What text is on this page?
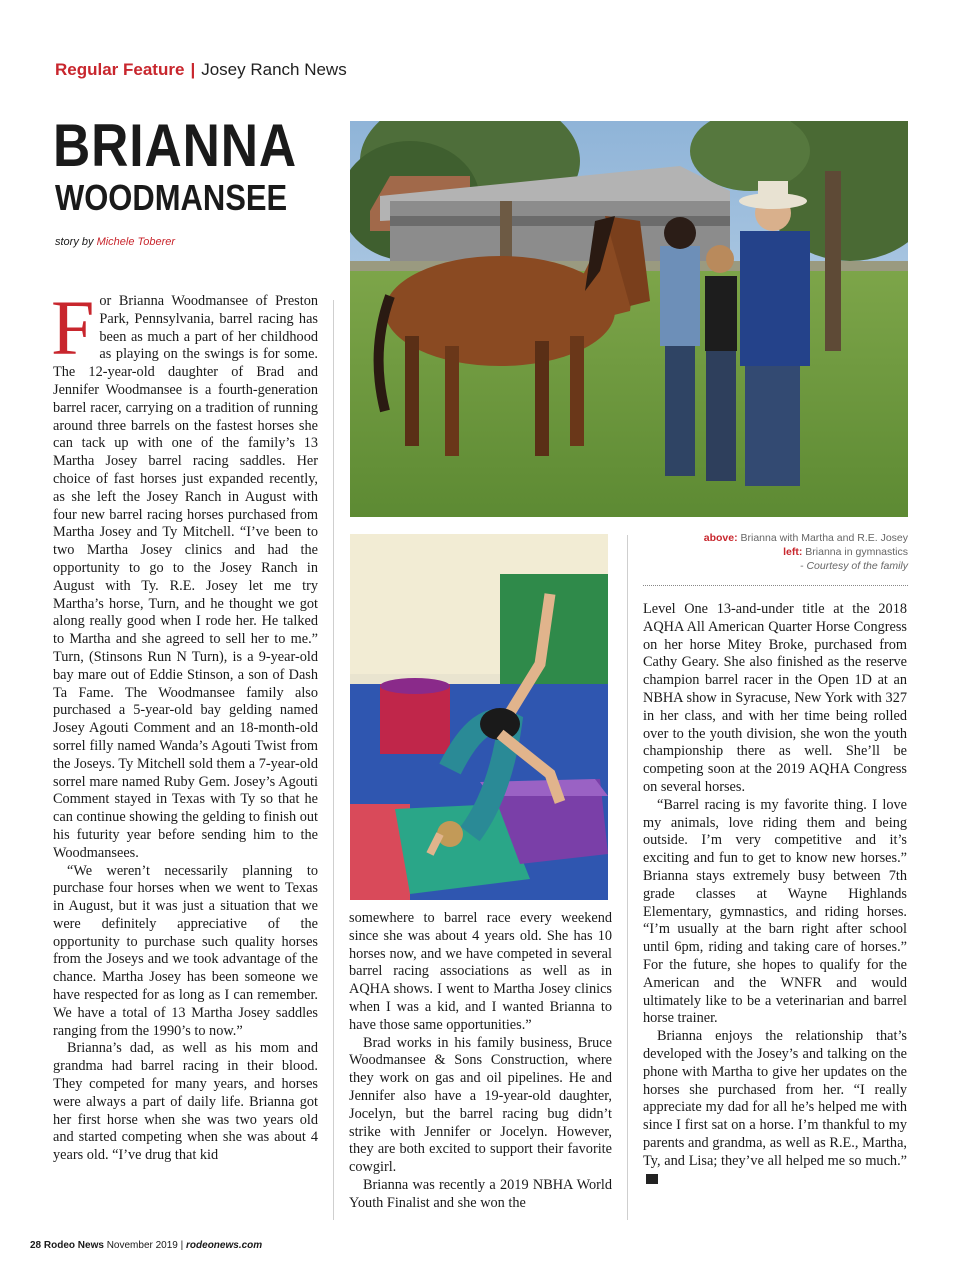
Regular Feature | Josey Ranch News
BRIANNA
WOODMANSEE
story by Michele Toberer
above: Brianna with Martha and R.E. Josey
left: Brianna in gymnastics
- Courtesy of the family

For Brianna Woodmansee of Preston Park, Pennsylvania, barrel racing has been as much a part of her childhood as playing on the swings is for some. The 12-year-old daughter of Brad and Jennifer Woodmansee is a fourth-generation barrel racer, carrying on a tradition of running around three barrels on the fastest horses she can tack up with one of the family’s 13 Martha Josey barrel racing saddles. Her choice of fast horses just expanded recently, as she left the Josey Ranch in August with four new barrel racing horses purchased from Martha Josey and Ty Mitchell. “I’ve been to two Martha Josey clinics and had the opportunity to go to the Josey Ranch in August with Ty. R.E. Josey let me try Martha’s horse, Turn, and he thought we got along really good when I rode her. He talked to Martha and she agreed to sell her to me.” Turn, (Stinsons Run N Turn), is a 9-year-old bay mare out of Eddie Stinson, a son of Dash Ta Fame. The Woodmansee family also purchased a 5-year-old bay gelding named Josey Agouti Comment and an 18-month-old sorrel filly named Wanda’s Agouti Twist from the Joseys. Ty Mitchell sold them a 7-year-old sorrel mare named Ruby Gem. Josey’s Agouti Comment stayed in Texas with Ty so that he can continue showing the gelding to finish out his futurity year before sending him to the Woodmansees.

“We weren’t necessarily planning to purchase four horses when we went to Texas in August, but it was just a situation that we were definitely appreciative of the opportunity to purchase such quality horses from the Joseys and we took advantage of the chance. Martha Josey has been someone we have respected for as long as I can remember. We have a total of 13 Martha Josey saddles ranging from the 1990’s to now.”

Brianna’s dad, as well as his mom and grandma had barrel racing in their blood. They competed for many years, and horses were always a part of daily life. Brianna got her first horse when she was two years old and started competing when she was about 4 years old. “I’ve drug that kid

somewhere to barrel race every weekend since she was about 4 years old. She has 10 horses now, and we have competed in several barrel racing associations as well as in AQHA shows. I went to Martha Josey clinics when I was a kid, and I wanted Brianna to have those same opportunities.”

Brad works in his family business, Bruce Woodmansee & Sons Construction, where they work on gas and oil pipelines. He and Jennifer also have a 19-year-old daughter, Jocelyn, but the barrel racing bug didn’t strike with Jennifer or Jocelyn. However, they are both excited to support their favorite cowgirl.

Brianna was recently a 2019 NBHA World Youth Finalist and she won the

Level One 13-and-under title at the 2018 AQHA All American Quarter Horse Congress on her horse Mitey Broke, purchased from Cathy Geary. She also finished as the reserve champion barrel racer in the Open 1D at an NBHA show in Syracuse, New York with 327 in her class, and with her time being rolled over to the youth division, she won the youth championship there as well. She’ll be competing soon at the 2019 AQHA Congress on several horses.

“Barrel racing is my favorite thing. I love my animals, love riding them and being outside. I’m very competitive and it’s exciting and fun to get to know new horses.” Brianna stays extremely busy between 7th grade classes at Wayne Highlands Elementary, gymnastics, and riding horses. “I’m usually at the barn right after school until 6pm, riding and taking care of horses.” For the future, she hopes to qualify for the American and the WNFR and would ultimately like to be a veterinarian and barrel horse trainer.

Brianna enjoys the relationship that’s developed with the Josey’s and talking on the phone with Martha to give her updates on the horses she purchased from her. “I really appreciate my dad for all he’s helped me with since I first sat on a horse. I’m thankful to my parents and grandma, as well as R.E., Martha, Ty, and Lisa; they’ve all helped me so much.”

28 Rodeo News November 2019 | rodeonews.com
